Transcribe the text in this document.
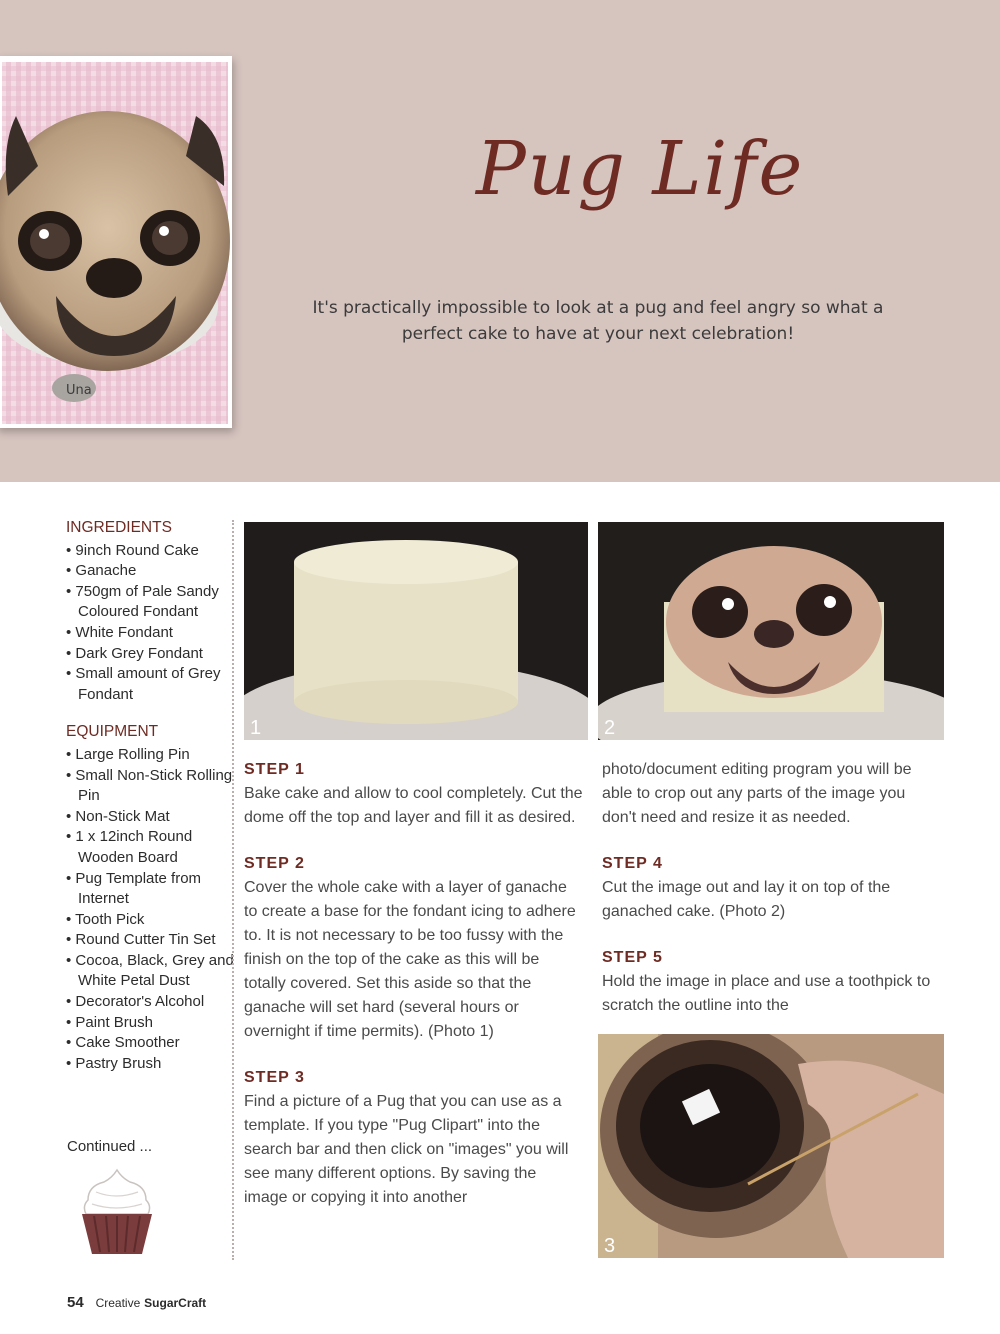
Una
Pug Life
It's practically impossible to look at a pug and feel angry so what a perfect cake to have at your next celebration!
INGREDIENTS
• 9inch Round Cake
• Ganache
• 750gm of Pale Sandy Coloured Fondant
• White Fondant
• Dark Grey Fondant
• Small amount of Grey Fondant
EQUIPMENT
• Large Rolling Pin
• Small Non-Stick Rolling Pin
• Non-Stick Mat
• 1 x 12inch Round Wooden Board
• Pug Template from Internet
• Tooth Pick
• Round Cutter Tin Set
• Cocoa, Black, Grey and White Petal Dust
• Decorator's Alcohol
• Paint Brush
• Cake Smoother
• Pastry Brush
Continued ...
1	2
3

STEP 1

Bake cake and allow to cool completely. Cut the dome off the top and layer and fill it as desired.

STEP 2

Cover the whole cake with a layer of ganache to create a base for the fondant icing to adhere to. It is not necessary to be too fussy with the finish on the top of the cake as this will be totally covered. Set this aside so that the ganache will set hard (several hours or overnight if time permits). (Photo 1)

STEP 3

Find a picture of a Pug that you can use as a template. If you type "Pug Clipart" into the search bar and then click on "images" you will see many different options. By saving the image or copying it into another

photo/document editing program you will be able to crop out any parts of the image you don't need and resize it as needed.

STEP 4

Cut the image out and lay it on top of the ganached cake. (Photo 2)

STEP 5

Hold the image in place and use a toothpick to scratch the outline into the

54 Creative SugarCraft
